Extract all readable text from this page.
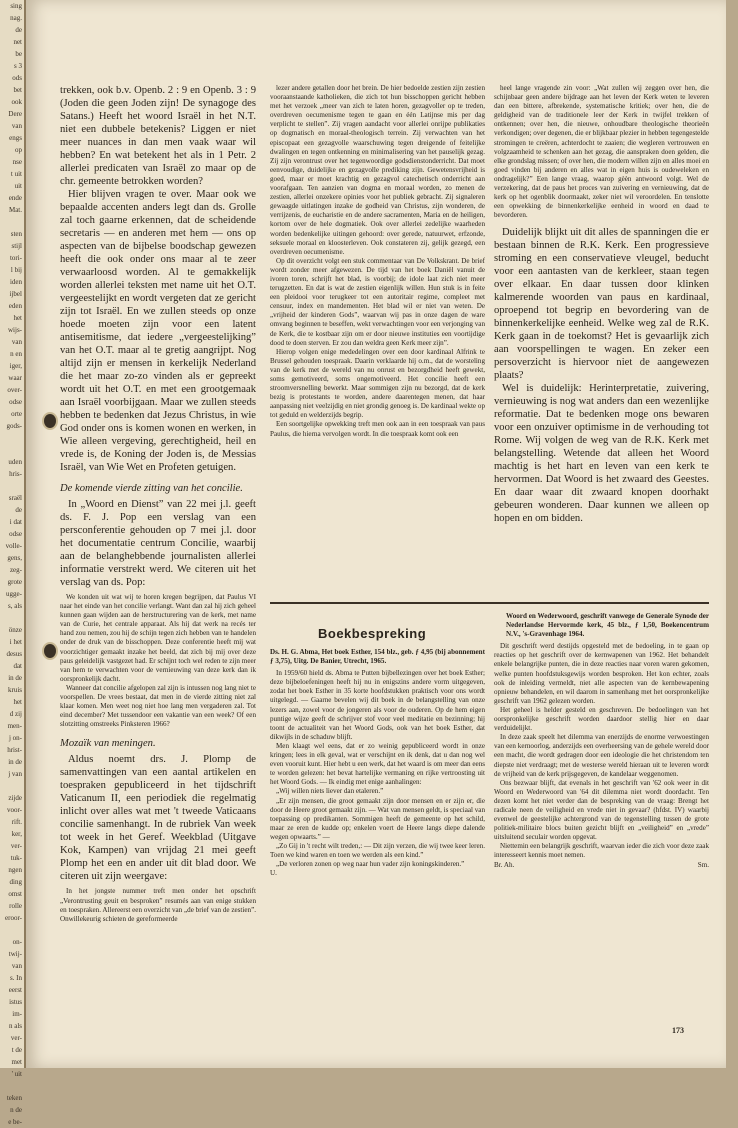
sing
nag.
de
net
be
s 3
ods
bet
ook
Dere
van
engs
op
nse
t uit
uit
ende
Mat.
sten
stijl
tori-
l bij
iden
ijbel
eden
het
wijs-
van
n en
iger,
waar
over-
odse
orte
gods-
uden
hris-
sraël
de
i dat
odse
volle-
gens,
zeg-
grote
ugge-
s, als
önze
i het
desus
dat
in de
kruis
het
d zij
men-
j on-
hrist-
in de
j van
zijde
voor-
rift.
ker,
ver-
tuk-
ngen
ding
omst
rolle
eroor-
on-
twij-
van
s. In
eerst
istus
im-
n als
ver-
t de
met
' uit
teken
n de
e be-

trekken, ook b.v. Openb. 2 : 9 en Openb. 3 : 9 (Joden die geen Joden zijn! De synagoge des Satans.) Heeft het woord Israël in het N.T. niet een dubbele betekenis? Liggen er niet meer nuances in dan men vaak waar wil hebben? En wat betekent het als in 1 Petr. 2 allerlei predicaten van Israël zo maar op de chr. gemeente betrokken worden?

Hier blijven vragen te over. Maar ook we bepaalde accenten anders legt dan ds. Grolle zal toch gaarne erkennen, dat de scheidende secretaris — en anderen met hem — ons op aspecten van de bijbelse boodschap gewezen heeft die ook onder ons maar al te zeer verwaarloosd worden. Al te gemakkelijk worden allerlei teksten met name uit het O.T. vergeestelijkt en wordt vergeten dat ze gericht zijn tot Israël. En we zullen steeds op onze hoede moeten zijn voor een latent antisemitisme, dat iedere „vergeestelijking” van het O.T. maar al te gretig aangrijpt. Nog altijd zijn er mensen in kerkelijk Nederland die het maar zo-zo vinden als er gepreekt wordt uit het O.T. en met een grootgemaak aan Israël voorbijgaan. Maar we zullen steeds hebben te bedenken dat Jezus Christus, in wie God onder ons is komen wonen en werken, in Wie alleen vergeving, gerechtigheid, heil en vrede is, de Koning der Joden is, de Messias Israël, van Wie Wet en Profeten getuigen.

De komende vierde zitting van het concilie.

In „Woord en Dienst” van 22 mei j.l. geeft ds. F. J. Pop een verslag van een persconferentie gehouden op 7 mei j.l. door het documentatie centrum Concilie, waarbij aan de belanghebbende journalisten allerlei informatie verstrekt werd. We citeren uit het verslag van ds. Pop:

We konden uit wat wij te horen kregen begrijpen, dat Paulus VI naar het einde van het concilie verlangt. Want dan zal hij zich geheel kunnen gaan wijden aan de herstructurering van de kerk, met name van de Curie, het centrale apparaat. Als hij dat werk na recés ter hand zou nemen, zou hij de schijn tegen zich hebben van te handelen onder de druk van de bisschoppen. Deze conferentie heeft mij wat voorzichtiger gemaakt inzake het beeld, dat zich bij mij over deze paus geleidelijk vastgezet had. Er schijnt toch wel reden te zijn meer van hem te verwachten voor de vernieuwing van deze kerk dan ik oorspronkelijk dacht.

Wanneer dat concilie afgelopen zal zijn is intussen nog lang niet te voorspellen. De vrees bestaat, dat men in de vierde zitting niet zal klaar komen. Men weet nog niet hoe lang men vergaderen zal. Tot eind december? Met tussendoor een vakantie van een week? Of een slotzitting omstreeks Pinksteren 1966?

Mozaïk van meningen.

Aldus noemt drs. J. Plomp de samenvattingen van een aantal artikelen en toespraken gepubliceerd in het tijdschrift Vaticanum II, een periodiek die regelmatig inlicht over alles wat met 't tweede Vaticaans concilie samenhangt. In de rubriek Van week tot week in het Geref. Weekblad (Uitgave Kok, Kampen) van vrijdag 21 mei geeft Plomp het een en ander uit dit blad door. We citeren uit zijn weergave:

In het jongste nummer treft men onder het opschrift „Verontrusting geuit en besproken” resumés aan van enige stukken en toespraken. Allereerst een overzicht van „de brief van de zestien”. Onwillekeurig schieten de gereformeerde

lezer andere getallen door het brein. De hier bedoelde zestien zijn zestien vooraanstaande katholieken, die zich tot hun bisschoppen gericht hebben met het verzoek „meer van zich te laten horen, gezagvoller op te treden, overdreven oecumenisme tegen te gaan en één Latijnse mis per dag verplicht te stellen”. Zij vragen aandacht voor allerlei onrijpe publikaties op dogmatisch en moraal-theologisch terrein. Zij verwachten van het episcopaat een gezagvolle waarschuwing tegen dreigende of feitelijke dwalingen en tegen ontkenning en minimalisering van het pauselijk gezag. Zij zijn verontrust over het tegenwoordige godsdienstonderricht. Dat moet eenvoudige, duidelijke en gezagvolle prediking zijn. Gewetensvrijheid is goed, maar er moet krachtig en gezagvol catechetisch onderricht aan voorafgaan. Ten aanzien van dogma en moraal worden, zo menen de zestien, allerlei onzekere opinies voor het publiek gebracht. Zij signaleren gewaagde uitlatingen inzake de godheid van Christus, zijn wonderen, de verrijzenis, de eucharistie en de andere sacramenten, Maria en de heiligen, kortom over de hele dogmatiek. Ook over allerlei zedelijke waarheden worden bedenkelijke uitingen gehoord: over gerede, natuurwet, erfzonde, seksuele moraal en kloosterleven. Ook constateren zij, gelijk gezegd, een overdreven oecumenisme.

Op dit overzicht volgt een stuk commentaar van De Volkskrant. De brief wordt zonder meer afgewezen. De tijd van het boek Daniël vanuit de ivoren toren, schrijft het blad, is voorbij; de idole laat zich niet meer terugzetten. En dat is wat de zestien eigenlijk willen. Hun stuk is in feite een pleidooi voor terugkeer tot een autoritair regime, compleet met censuur, index en mandementen. Het blad wil er niet van weten. De „vrijheid der kinderen Gods”, waarvan wij pas in onze dagen de ware omvang beginnen te beseffen, wekt verwachtingen voor een verjonging van de Kerk, die te kostbaar zijn om er door nieuwe instituties een voortijdige dood te doen sterven. Er zou dan weldra geen Kerk meer zijn”.

Hierop volgen enige mededelingen over een door kardinaal Alfrink te Brussel gehouden toespraak. Daarin verklaarde hij o.m., dat de worsteling van de kerk met de wereld van nu onrust en bezorgdheid heeft gewekt, soms gemotiveerd, soms ongemotiveerd. Het concilie heeft een stroomversnelling bewerkt. Maar sommigen zijn nu bezorgd, dat de kerk bezig is protestants te worden, andere daarentegen menen, dat haar aanpassing niet veelzijdig en niet grondig genoeg is. De kardinaal wekte op tot geduld en welderzijds begrip.

Een soortgelijke opwekking treft men ook aan in een toespraak van paus Paulus, die hierna vervolgen wordt. In die toespraak komt ook een

heel lange vragende zin voor: „Wat zullen wij zeggen over hen, die schijnbaar geen andere bijdrage aan het leven der Kerk weten te leveren dan een bittere, afbrekende, systematische kritiek; over hen, die de geldigheid van de traditionele leer der Kerk in twijfel trekken of ontkennen; over hen, die nieuwe, onhoudbare theologische theorieën verkondigen; over degenen, die er blijkbaar plezier in hebben tegengestelde stromingen te creëren, achterdocht te zaaien; die wegleren vertrouwen en volgzaamheid te schenken aan het gezag, die aanspraken doen gelden, die elke grondslag missen; of over hen, die modern willen zijn en alles moei en goed vinden bij anderen en alles wat in eigen huis is oudeweleken en ondragelijk?” Een lange vraag, waarop gèèn antwoord volgt. Wel de verzekering, dat de paus het proces van zuivering en vernieuwing, dat de kerk op het ogenblik doormaakt, zeker niet wil veroordelen. En tenslotte een opwekking de binnenkerkelijke eenheid in woord en daad te bevorderen.

Duidelijk blijkt uit dit alles de spanningen die er bestaan binnen de R.K. Kerk. Een progressieve stroming en een conservatieve vleugel, beducht voor een aantasten van de kerkleer, staan tegen over elkaar. En daar tussen door klinken kalmerende woorden van paus en kardinaal, oproepend tot begrip en bevordering van de binnenkerkelijke eenheid. Welke weg zal de R.K. Kerk gaan in de toekomst? Het is gevaarlijk zich aan voorspellingen te wagen. En zeker een persoverzicht is hiervoor niet de aangewezen plaats?

Wel is duidelijk: Herinterpretatie, zuivering, vernieuwing is nog wat anders dan een wezenlijke reformatie. Dat te bedenken moge ons bewaren voor een onzuiver optimisme in de verhouding tot Rome. Wij volgen de weg van de R.K. Kerk met belangstelling. Wetende dat alleen het Woord machtig is het hart en leven van een kerk te hervormen. Dat Woord is het zwaard des Geestes. En daar waar dit zwaard knopen doorhakt gebeuren wonderen. Daar kunnen we alleen op hopen en om bidden.

Boekbespreking

Ds. H. G. Abma, Het boek Esther, 154 blz., geb. ƒ 4,95 (bij abonnement ƒ 3,75), Uitg. De Banier, Utrecht, 1965.

In 1959/60 hield ds. Abma te Putten bijbellezingen over het boek Esther; deze bijbeloefeningen heeft hij nu in enigszins andere vorm uitgegeven, zodat het boek Esther in 35 korte hoofdstukken praktisch voor ons wordt uitgelegd. — Gaarne bevelen wij dit boek in de belangstelling van onze lezers aan, zowel voor de jongeren als voor de ouderen. Op de hem eigen puntige wijze geeft de schrijver stof voor veel meditatie en bezinning; hij toont de actualiteit van het Woord Gods, ook van het boek Esther, dat dikwijls in de schaduw blijft.

Men klaagt wel eens, dat er zo weinig gepubliceerd wordt in onze kringen; lees in elk geval, wat er verschijnt en ik denk, dat u dan nog wel even vooruit kunt. Hier hebt u een werk, dat het waard is om meer dan eens te worden gelezen: het bevat hartelijke vermaning en rijke vertroosting uit het Woord Gods. — Ik eindig met enige aanhalingen:

„Wij willen niets liever dan etaleren.”

„Er zijn mensen, die groot gemaakt zijn door mensen en er zijn er, die door de Heere groot gemaakt zijn. — Wat van mensen geldt, is speciaal van toepassing op predikanten. Sommigen heeft de gemeente op het schild, maar ze eren de kudde op; enkelen voert de Heere langs diepe dalende wegen opwaarts.” —

„Zo Gij in 't recht wilt treden,: — Dit zijn verzen, die wij twee keer leren. Toen we kind waren en toen we werden als een kind.”

„De verloren zonen op weg naar hun vader zijn koningskinderen.”

U.

Woord en Wederwoord, geschrift vanwege de Generale Synode der Nederlandse Hervormde kerk, 45 blz., ƒ 1,50, Boekencentrum N.V., 's-Gravenhage 1964.

Dit geschrift werd destijds opgesteld met de bedoeling, in te gaan op reacties op het geschrift over de kernwapenen van 1962. Het behandelt enkele belangrijke punten, die in deze reacties naar voren waren gekomen, welke punten hoofdstuksgewijs worden besproken. Het kon echter, zoals ook de inleiding vermeldt, niet alle aspecten van de kernbewapening opnieuw behandelen, en wil daarom in samenhang met het oorspronkelijke geschrift van 1962 gelezen worden.

Het geheel is helder gesteld en geschreven. De bedoelingen van het oorspronkelijke geschrift worden daardoor stellig hier en daar verduidelijkt.

In deze zaak speelt het dilemma van enerzijds de enorme verwoestingen van een kernoorlog, anderzijds een overheersing van de gehele wereld door een macht, die wordt gedragen door een ideologie die het christendom ten diepste niet verdraagt; met de westerse wereld hieraan uit te leveren wordt de vrijheid van de kerk prijsgegeven, de kandelaar weggenomen.

Ons bezwaar blijft, dat evenals in het geschrift van '62 ook weer in dit Woord en Wederwoord van '64 dit dilemma niet wordt doordacht. Ten dezen komt het niet verder dan de bespreking van de vraag: Brengt het radicale neen de veiligheid en vrede niet in gevaar? (hfdst. IV) waarbij evenwel de geestelijke achtergrond van de tegenstelling tussen de grote politiek-militaire blocs buiten gezicht blijft en „veiligheid” en „vrede” uitsluitend seculair worden opgevat.

Niettemin een belangrijk geschrift, waarvan ieder die zich voor deze zaak interesseert kennis moet nemen.

Br. Ah.	Sm.
173
